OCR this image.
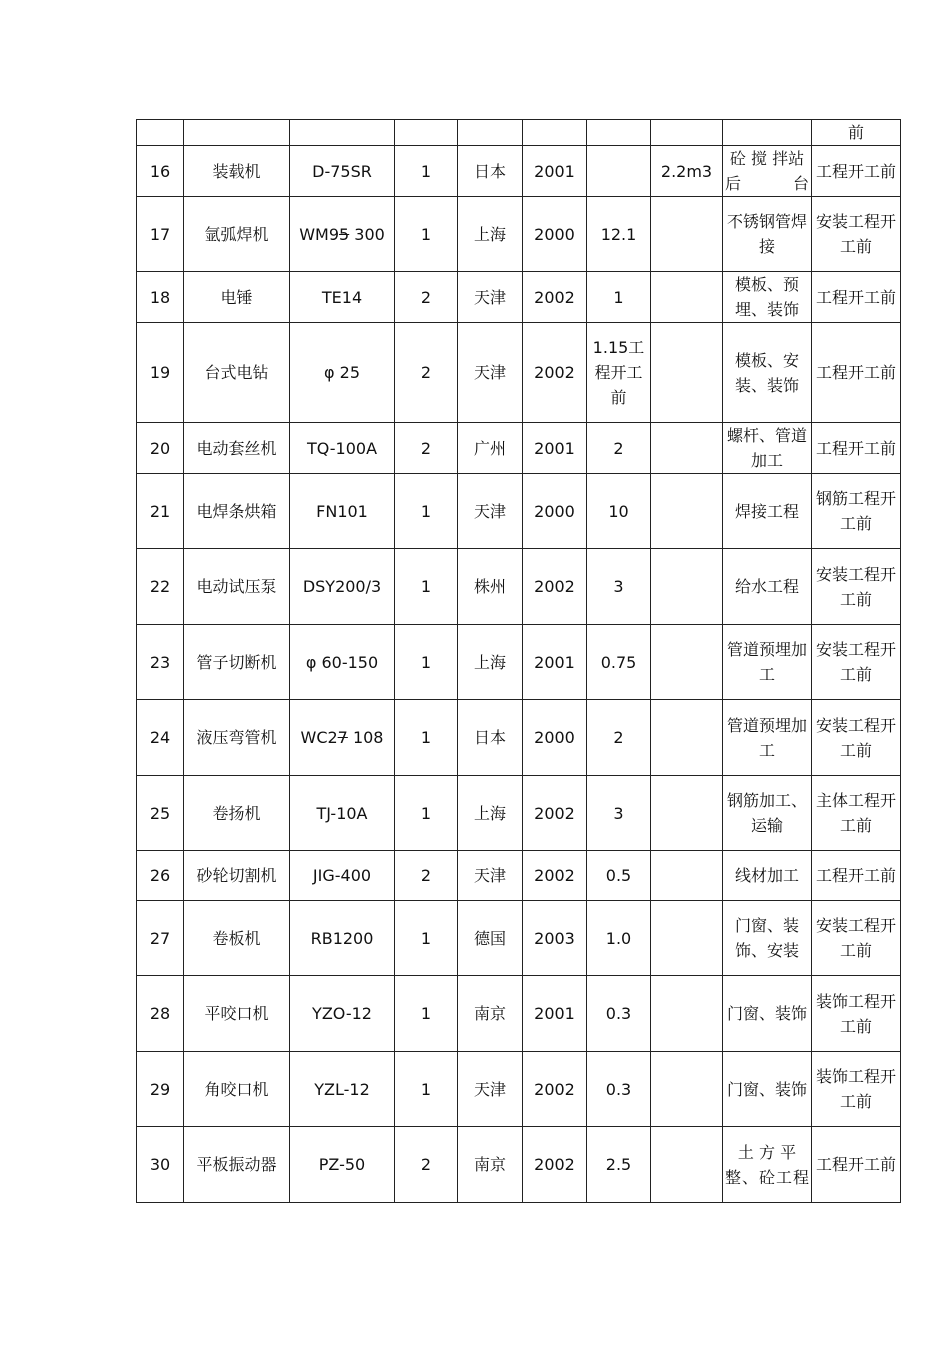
									前
16	装载机	D-75SR	1	日本	2001		2.2m3	砼 搅 拌站后台	工程开工前
17	氩弧焊机	WM95 300	1	上海	2000	12.1		不锈钢管焊接	安装工程开工前
18	电锤	TE14	2	天津	2002	1		模板、预埋、装饰	工程开工前
19	台式电钻	φ 25	2	天津	2002	1.15工程开工前		模板、安装、装饰	工程开工前
20	电动套丝机	TQ-100A	2	广州	2001	2		螺杆、管道加工	工程开工前
21	电焊条烘箱	FN101	1	天津	2000	10		焊接工程	钢筋工程开工前
22	电动试压泵	DSY200/3	1	株州	2002	3		给水工程	安装工程开工前
23	管子切断机	φ 60-150	1	上海	2001	0.75		管道预埋加工	安装工程开工前
24	液压弯管机	WC27 108	1	日本	2000	2		管道预埋加工	安装工程开工前
25	卷扬机	TJ-10A	1	上海	2002	3		钢筋加工、运输	主体工程开工前
26	砂轮切割机	JIG-400	2	天津	2002	0.5		线材加工	工程开工前
27	卷板机	RB1200	1	德国	2003	1.0		门窗、装饰、安装	安装工程开工前
28	平咬口机	YZO-12	1	南京	2001	0.3		门窗、装饰	装饰工程开工前
29	角咬口机	YZL-12	1	天津	2002	0.3		门窗、装饰	装饰工程开工前
30	平板振动器	PZ-50	2	南京	2002	2.5		土 方 平整、砼工程	工程开工前
